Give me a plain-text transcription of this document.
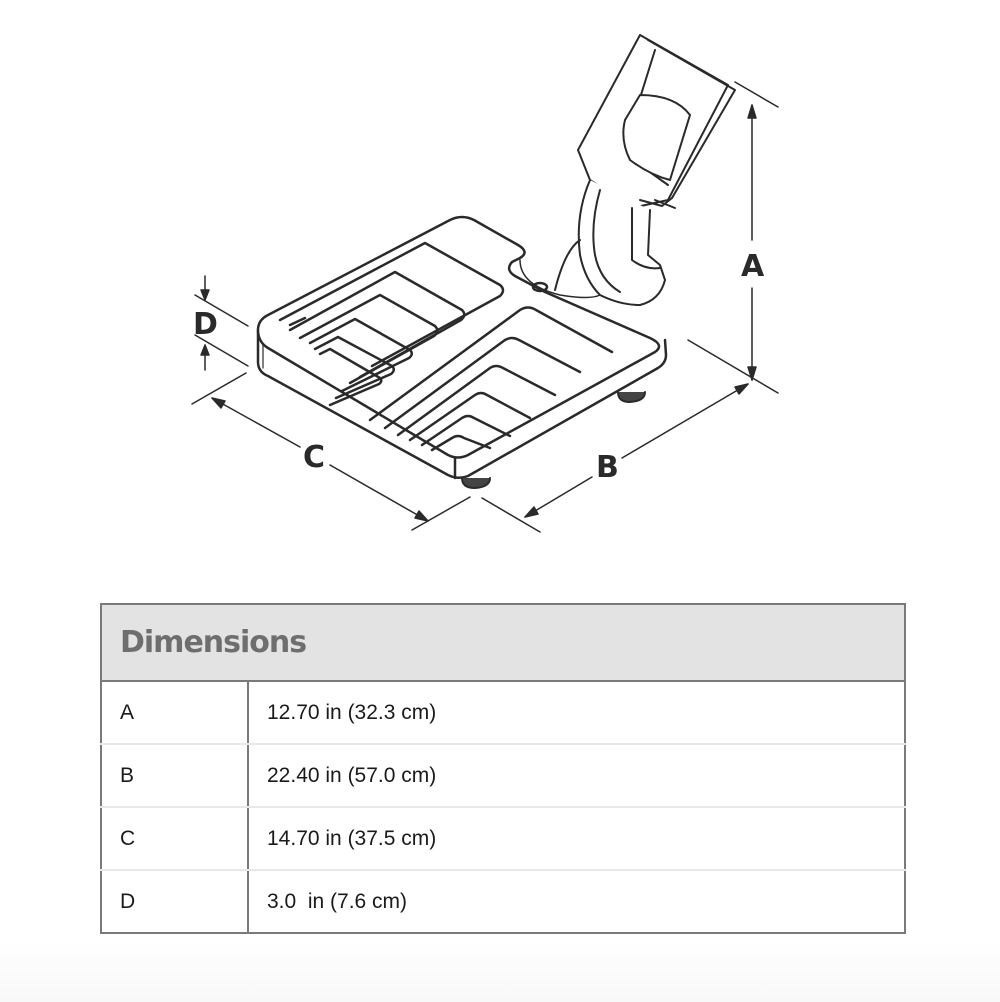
A
B
C
D
Dimensions	
A	12.70 in (32.3 cm)
B	22.40 in (57.0 cm)
C	14.70 in (37.5 cm)
D	3.0  in (7.6 cm)
